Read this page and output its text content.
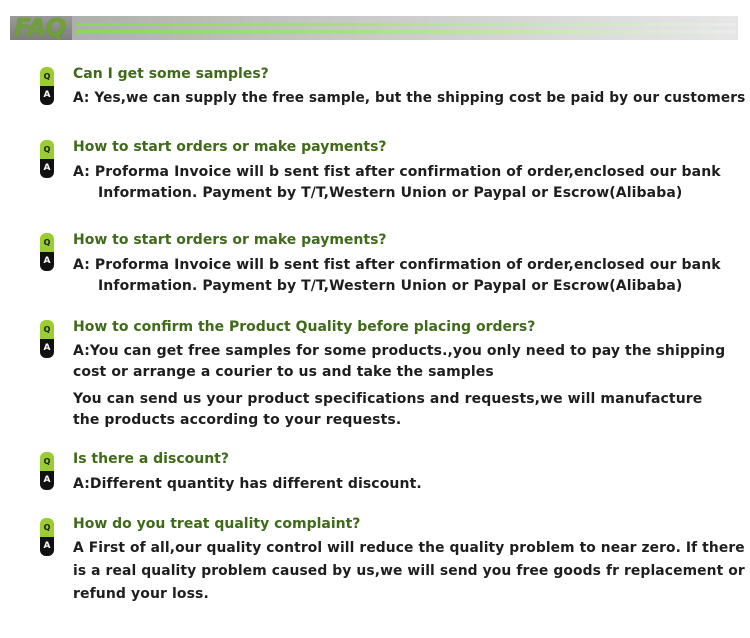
FAQ
Q
A
Can I get some samples?
A: Yes,we can supply the free sample, but the shipping cost be paid by our customers
Q
A
How to start orders or make payments?
A: Proforma Invoice will b sent fist after confirmation of order,enclosed our bank
Information. Payment by T/T,Western Union or Paypal or Escrow(Alibaba)
Q
A
How to start orders or make payments?
A: Proforma Invoice will b sent fist after confirmation of order,enclosed our bank
Information. Payment by T/T,Western Union or Paypal or Escrow(Alibaba)
Q
A
How to confirm the Product Quality before placing orders?
A:You can get free samples for some products.,you only need to pay the shipping
cost or arrange a courier to us and take the samples
You can send us your product specifications and requests,we will manufacture
the products according to your requests.
Q
A
Is there a discount?
A:Different quantity has different discount.
Q
A
How do you treat quality complaint?
A First of all,our quality control will reduce the quality problem to near zero. If there
is a real quality problem caused by us,we will send you free goods fr replacement or
refund your loss.
